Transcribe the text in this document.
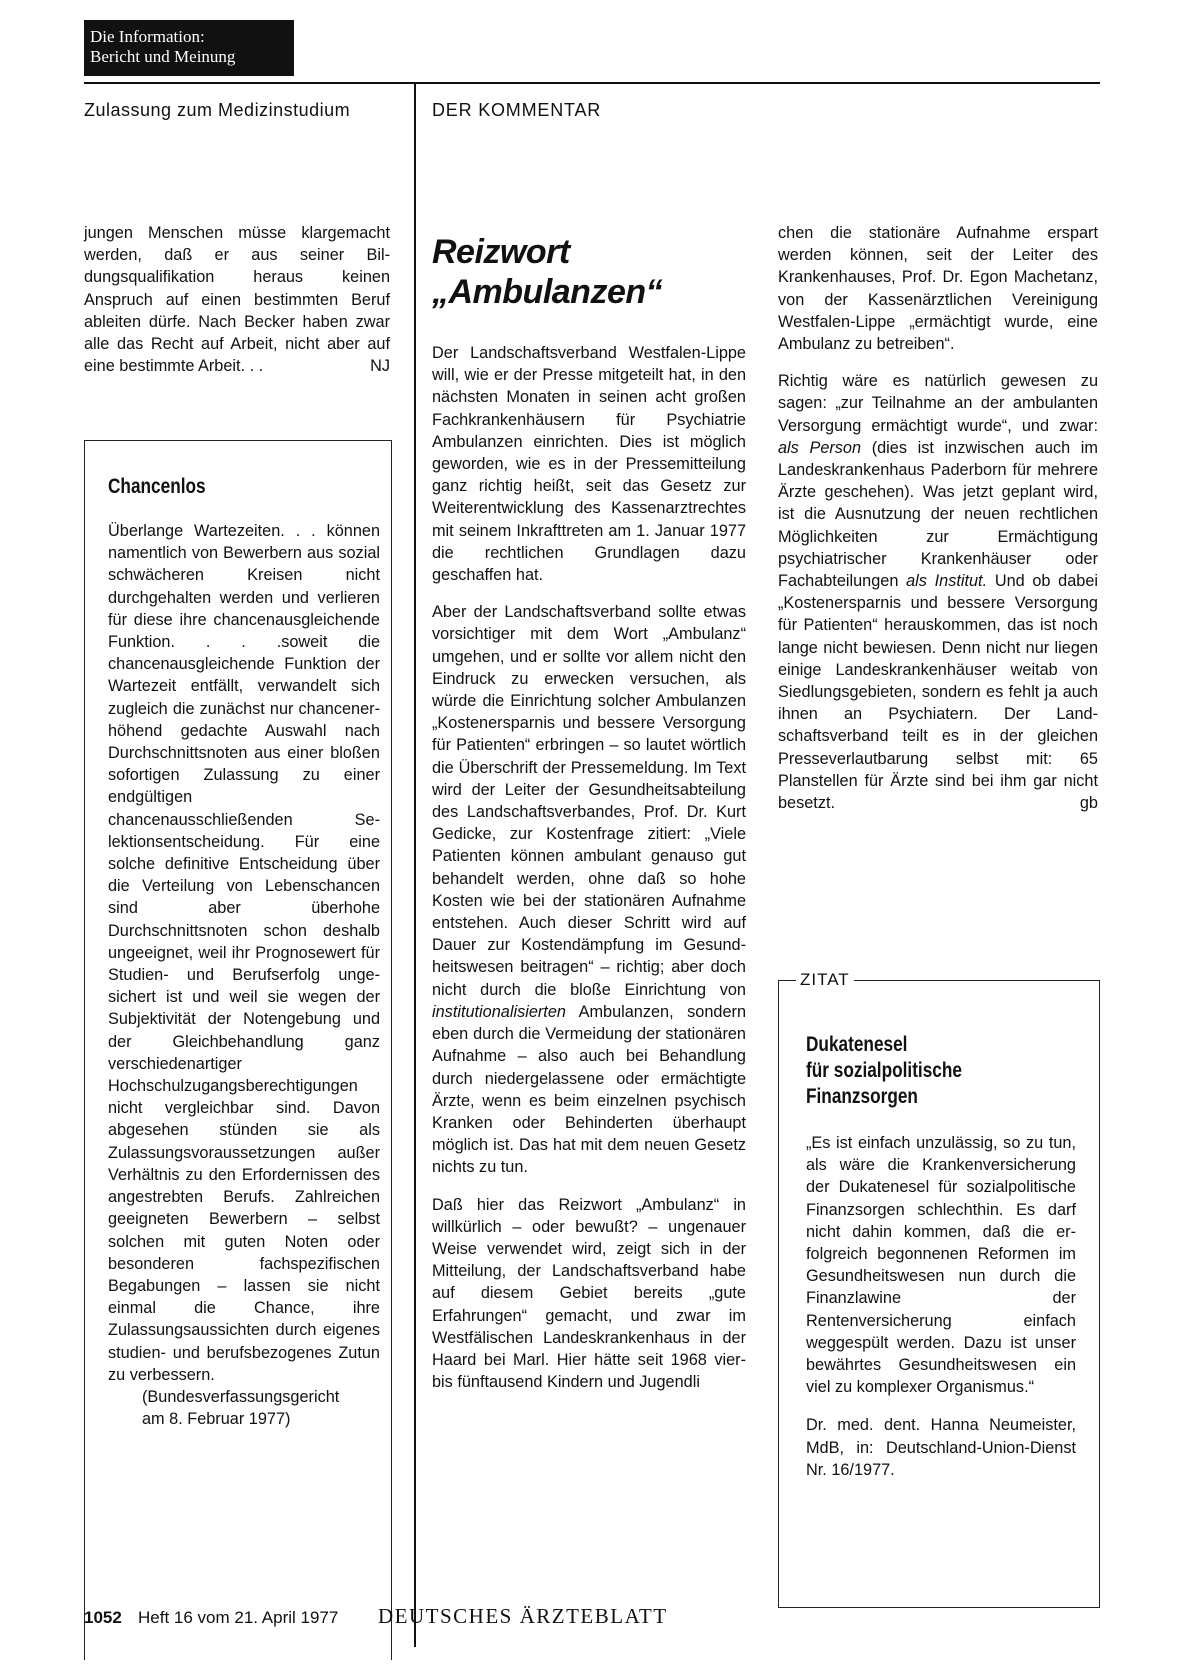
Die Information:
Bericht und Meinung
Zulassung zum Medizinstudium	DER KOMMENTAR

jungen Menschen müsse klargemacht werden, daß er aus seiner Bildungsqualifikation heraus keinen Anspruch auf einen bestimmten Beruf ableiten dürfe. Nach Becker haben zwar alle das Recht auf Arbeit, nicht aber auf eine bestimmte Arbeit. . .	NJ

Chancenlos

Überlange Wartezeiten. . . können namentlich von Bewerbern aus sozial schwächeren Kreisen nicht durchgehalten werden und verlieren für diese ihre chancenausgleichende Funktion. . . .soweit die chancenausgleichende Funktion der Wartezeit entfällt, verwandelt sich zugleich die zunächst nur chancenerhöhend gedachte Auswahl nach Durchschnittsnoten aus einer bloßen sofortigen Zulassung zu einer endgültigen chancenausschließenden Selektionsentscheidung. Für eine solche definitive Entscheidung über die Verteilung von Lebenschancen sind aber überhohe Durchschnittsnoten schon deshalb ungeeignet, weil ihr Prognosewert für Studien- und Berufserfolg ungesichert ist und weil sie wegen der Subjektivität der Notengebung und der Gleichbehandlung ganz verschiedenartiger Hochschulzugangsberechtigungen nicht vergleichbar sind. Davon abgesehen stünden sie als Zulassungsvoraussetzungen außer Verhältnis zu den Erfordernissen des angestrebten Berufs. Zahlreichen geeigneten Bewerbern – selbst solchen mit guten Noten oder besonderen fachspezifischen Begabungen – lassen sie nicht einmal die Chance, ihre Zulassungsaussichten durch eigenes studien- und berufsbezogenes Zutun zu verbessern.

(Bundesverfassungsgericht
am 8. Februar 1977)
Reizwort
„Ambulanzen“

Der Landschaftsverband Westfalen-Lippe will, wie er der Presse mitgeteilt hat, in den nächsten Monaten in seinen acht großen Fachkrankenhäusern für Psychiatrie Ambulanzen einrichten. Dies ist möglich geworden, wie es in der Pressemitteilung ganz richtig heißt, seit das Gesetz zur Weiterentwicklung des Kassenarztrechtes mit seinem Inkrafttreten am 1. Januar 1977 die rechtlichen Grundlagen dazu geschaffen hat.

Aber der Landschaftsverband sollte etwas vorsichtiger mit dem Wort „Ambulanz“ umgehen, und er sollte vor allem nicht den Eindruck zu erwecken versuchen, als würde die Einrichtung solcher Ambulanzen „Kostenersparnis und bessere Versorgung für Patienten“ erbringen – so lautet wörtlich die Überschrift der Pressemeldung. Im Text wird der Leiter der Gesundheitsabteilung des Landschaftsverbandes, Prof. Dr. Kurt Gedicke, zur Kostenfrage zitiert: „Viele Patienten können ambulant genauso gut behandelt werden, ohne daß so hohe Kosten wie bei der stationären Aufnahme entstehen. Auch dieser Schritt wird auf Dauer zur Kostendämpfung im Gesundheitswesen beitragen“ – richtig; aber doch nicht durch die bloße Einrichtung von institutionalisierten Ambulanzen, sondern eben durch die Vermeidung der stationären Aufnahme – also auch bei Behandlung durch niedergelassene oder ermächtigte Ärzte, wenn es beim einzelnen psychisch Kranken oder Behinderten überhaupt möglich ist. Das hat mit dem neuen Gesetz nichts zu tun.

Daß hier das Reizwort „Ambulanz“ in willkürlich – oder bewußt? – ungenauer Weise verwendet wird, zeigt sich in der Mitteilung, der Landschaftsverband habe auf diesem Gebiet bereits „gute Erfahrungen“ gemacht, und zwar im Westfälischen Landeskrankenhaus in der Haard bei Marl. Hier hätte seit 1968 vier- bis fünftausend Kindern und Jugendli

chen die stationäre Aufnahme erspart werden können, seit der Leiter des Krankenhauses, Prof. Dr. Egon Machetanz, von der Kassenärztlichen Vereinigung Westfalen-Lippe „ermächtigt wurde, eine Ambulanz zu betreiben“.

Richtig wäre es natürlich gewesen zu sagen: „zur Teilnahme an der ambulanten Versorgung ermächtigt wurde“, und zwar: als Person (dies ist inzwischen auch im Landeskrankenhaus Paderborn für mehrere Ärzte geschehen). Was jetzt geplant wird, ist die Ausnutzung der neuen rechtlichen Möglichkeiten zur Ermächtigung psychiatrischer Krankenhäuser oder Fachabteilungen als Institut. Und ob dabei „Kostenersparnis und bessere Versorgung für Patienten“ herauskommen, das ist noch lange nicht bewiesen. Denn nicht nur liegen einige Landeskrankenhäuser weitab von Siedlungsgebieten, sondern es fehlt ja auch ihnen an Psychiatern. Der Landschaftsverband teilt es in der gleichen Presseverlautbarung selbst mit: 65 Planstellen für Ärzte sind bei ihm gar nicht besetzt.	gb

ZITAT
Dukatenesel
für sozialpolitische
Finanzsorgen

„Es ist einfach unzulässig, so zu tun, als wäre die Krankenversicherung der Dukatenesel für sozialpolitische Finanzsorgen schlechthin. Es darf nicht dahin kommen, daß die erfolgreich begonnenen Reformen im Gesundheitswesen nun durch die Finanzlawine der Rentenversicherung einfach weggespült werden. Dazu ist unser bewährtes Gesundheitswesen ein viel zu komplexer Organismus.“

Dr. med. dent. Hanna Neumeister, MdB, in: Deutschland-Union-Dienst Nr. 16/1977.

1052 Heft 16 vom 21. April 1977 DEUTSCHES ÄRZTEBLATT
